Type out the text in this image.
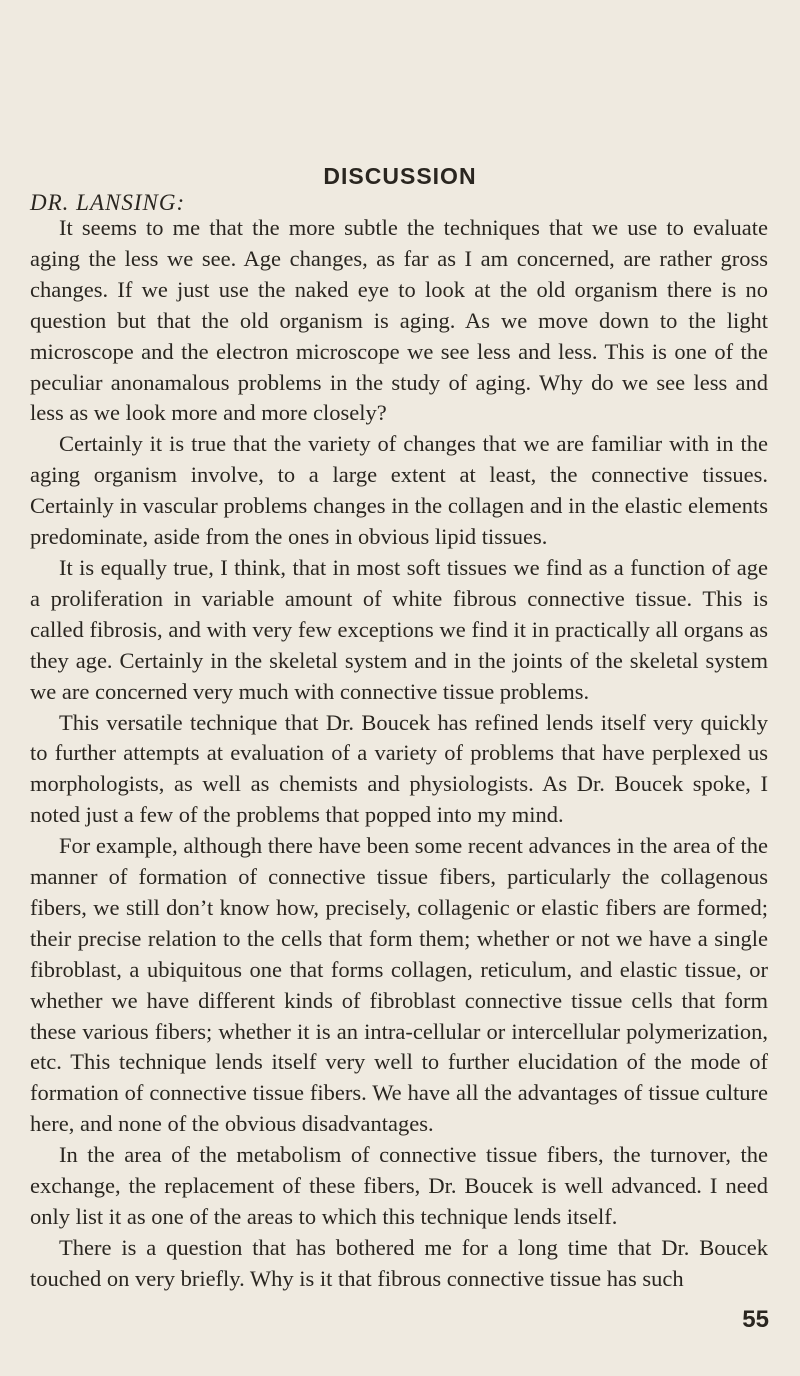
DISCUSSION
DR. LANSING:

It seems to me that the more subtle the techniques that we use to evaluate aging the less we see. Age changes, as far as I am concerned, are rather gross changes. If we just use the naked eye to look at the old organism there is no question but that the old organism is aging. As we move down to the light microscope and the electron microscope we see less and less. This is one of the peculiar anonamalous problems in the study of aging. Why do we see less and less as we look more and more closely?

Certainly it is true that the variety of changes that we are familiar with in the aging organism involve, to a large extent at least, the connective tissues. Certainly in vascular problems changes in the collagen and in the elastic elements predominate, aside from the ones in obvious lipid tissues.

It is equally true, I think, that in most soft tissues we find as a function of age a proliferation in variable amount of white fibrous connective tissue. This is called fibrosis, and with very few exceptions we find it in practically all organs as they age. Certainly in the skeletal system and in the joints of the skeletal system we are concerned very much with connective tissue problems.

This versatile technique that Dr. Boucek has refined lends itself very quickly to further attempts at evaluation of a variety of problems that have perplexed us morphologists, as well as chemists and physiologists. As Dr. Boucek spoke, I noted just a few of the problems that popped into my mind.

For example, although there have been some recent advances in the area of the manner of formation of connective tissue fibers, particularly the collagenous fibers, we still don’t know how, precisely, collagenic or elastic fibers are formed; their precise relation to the cells that form them; whether or not we have a single fibroblast, a ubiquitous one that forms collagen, reticulum, and elastic tissue, or whether we have different kinds of fibroblast connective tissue cells that form these various fibers; whether it is an intra-cellular or intercellular polymerization, etc. This technique lends itself very well to further elucidation of the mode of formation of connective tissue fibers. We have all the advantages of tissue culture here, and none of the obvious disadvantages.

In the area of the metabolism of connective tissue fibers, the turnover, the exchange, the replacement of these fibers, Dr. Boucek is well advanced. I need only list it as one of the areas to which this technique lends itself.

There is a question that has bothered me for a long time that Dr. Boucek touched on very briefly. Why is it that fibrous connective tissue has such

55
